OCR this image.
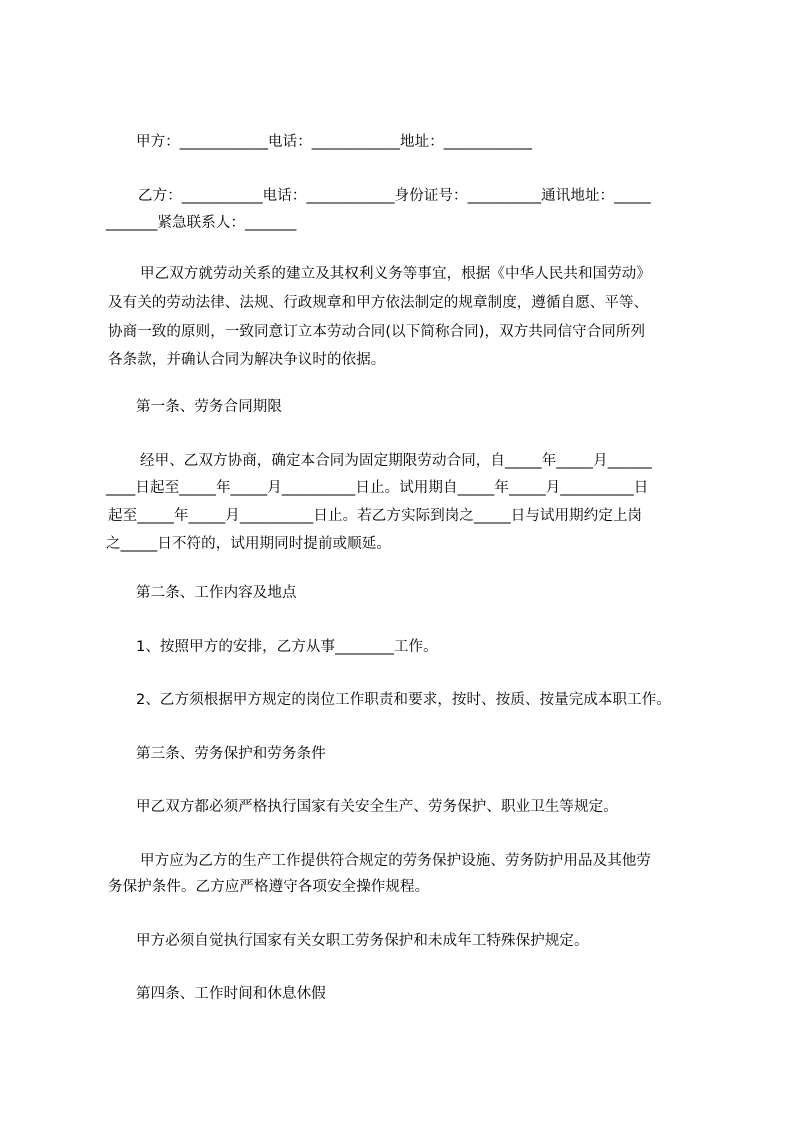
甲方：____________电话：____________地址：____________
乙方：___________电话：____________身份证号：__________通讯地址：_____
_______紧急联系人：_______
甲乙双方就劳动关系的建立及其权利义务等事宜，根据《中华人民共和国劳动》
及有关的劳动法律、法规、行政规章和甲方依法制定的规章制度，遵循自愿、平等、
协商一致的原则，一致同意订立本劳动合同(以下简称合同)，双方共同信守合同所列
各条款，并确认合同为解决争议时的依据。
第一条、劳务合同期限
经甲、乙双方协商，确定本合同为固定期限劳动合同，自_____年_____月______
____日起至_____年_____月__________日止。试用期自_____年_____月__________日
起至_____年_____月__________日止。若乙方实际到岗之_____日与试用期约定上岗
之_____日不符的，试用期同时提前或顺延。
第二条、工作内容及地点
1、按照甲方的安排，乙方从事________工作。
2、乙方须根据甲方规定的岗位工作职责和要求，按时、按质、按量完成本职工作。
第三条、劳务保护和劳务条件
甲乙双方都必须严格执行国家有关安全生产、劳务保护、职业卫生等规定。
甲方应为乙方的生产工作提供符合规定的劳务保护设施、劳务防护用品及其他劳
务保护条件。乙方应严格遵守各项安全操作规程。
甲方必须自觉执行国家有关女职工劳务保护和未成年工特殊保护规定。
第四条、工作时间和休息休假
